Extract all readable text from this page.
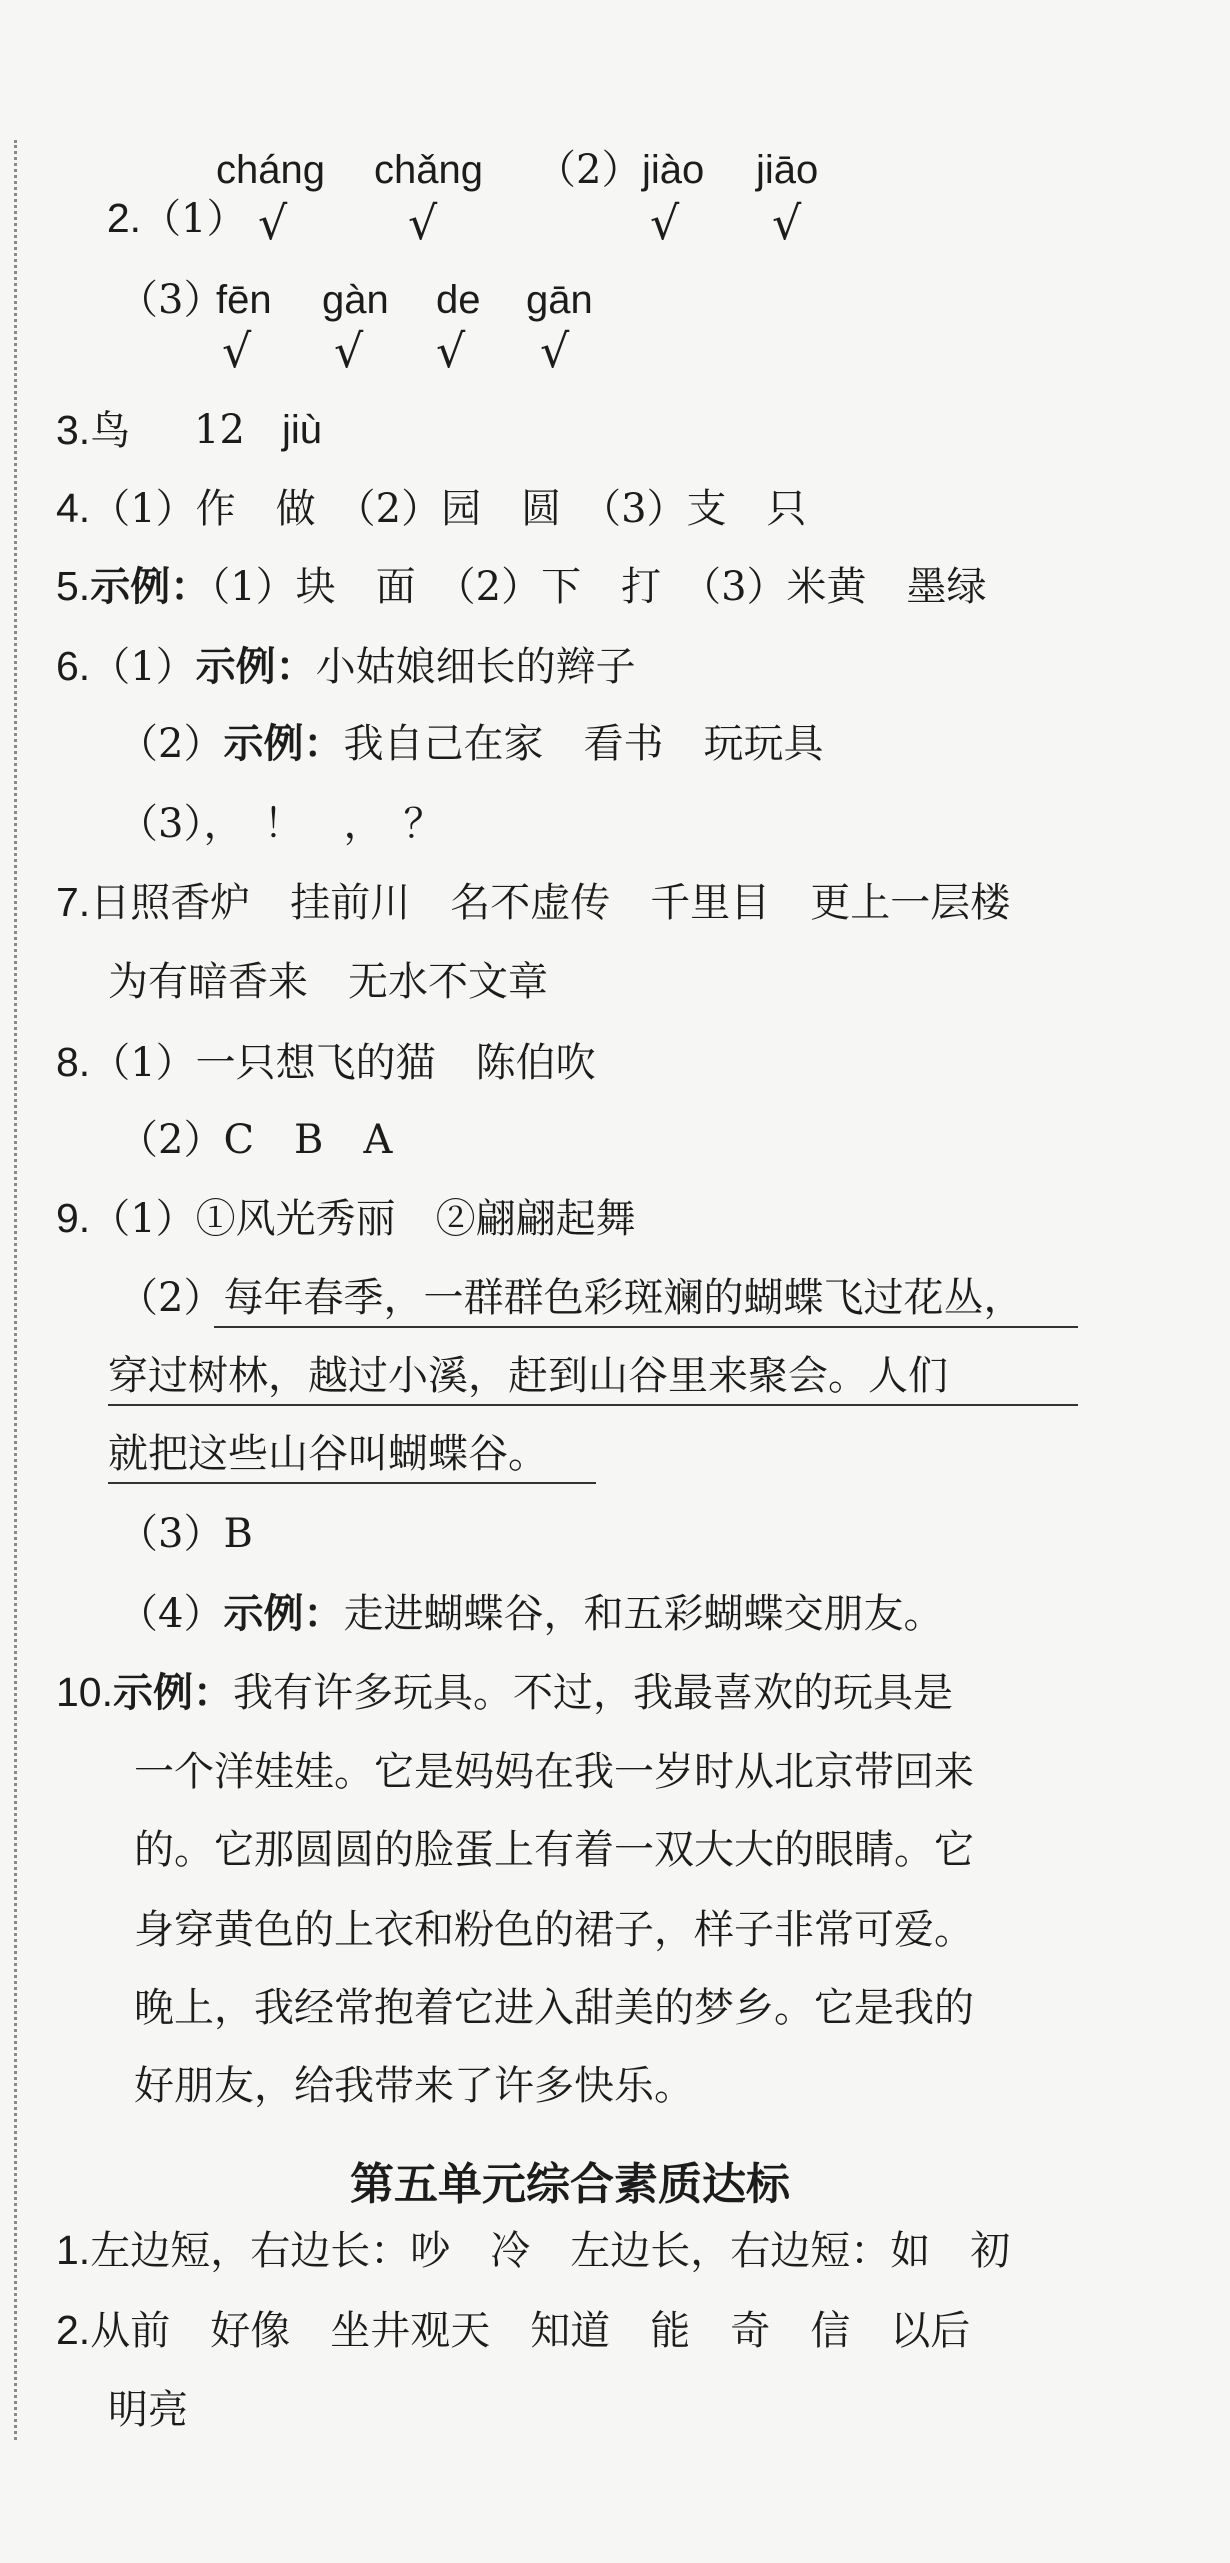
2.（1）

cháng chǎng （2） jiào jiāo
√	√	√ √
（3）
fēn gàn de gān
√ √ √ √
3.鸟 12 jiù
4.（1）作　做　（2）园　圆　（3）支　只
5.示例：（1）块　面　（2）下　打　（3）米黄　墨绿
6.（1）示例：小姑娘细长的辫子
（2）示例：我自己在家　看书　玩玩具
（3），　！　，　？
7.日照香炉　挂前川　名不虚传　千里目　更上一层楼
为有暗香来　无水不文章
8.（1）一只想飞的猫　陈伯吹
（2）C　B　A
9.（1）①风光秀丽　②翩翩起舞
（2）每年春季，一群群色彩斑斓的蝴蝶飞过花丛，
穿过树林，越过小溪，赶到山谷里来聚会。人们
就把这些山谷叫蝴蝶谷。
（3）B
（4）示例：走进蝴蝶谷，和五彩蝴蝶交朋友。
10.示例：我有许多玩具。不过，我最喜欢的玩具是
一个洋娃娃。它是妈妈在我一岁时从北京带回来
的。它那圆圆的脸蛋上有着一双大大的眼睛。它
身穿黄色的上衣和粉色的裙子，样子非常可爱。
晚上，我经常抱着它进入甜美的梦乡。它是我的
好朋友，给我带来了许多快乐。
第五单元综合素质达标
1.左边短，右边长：吵　冷　左边长，右边短：如　初
2.从前　好像　坐井观天　知道　能　奇　信　以后
明亮
